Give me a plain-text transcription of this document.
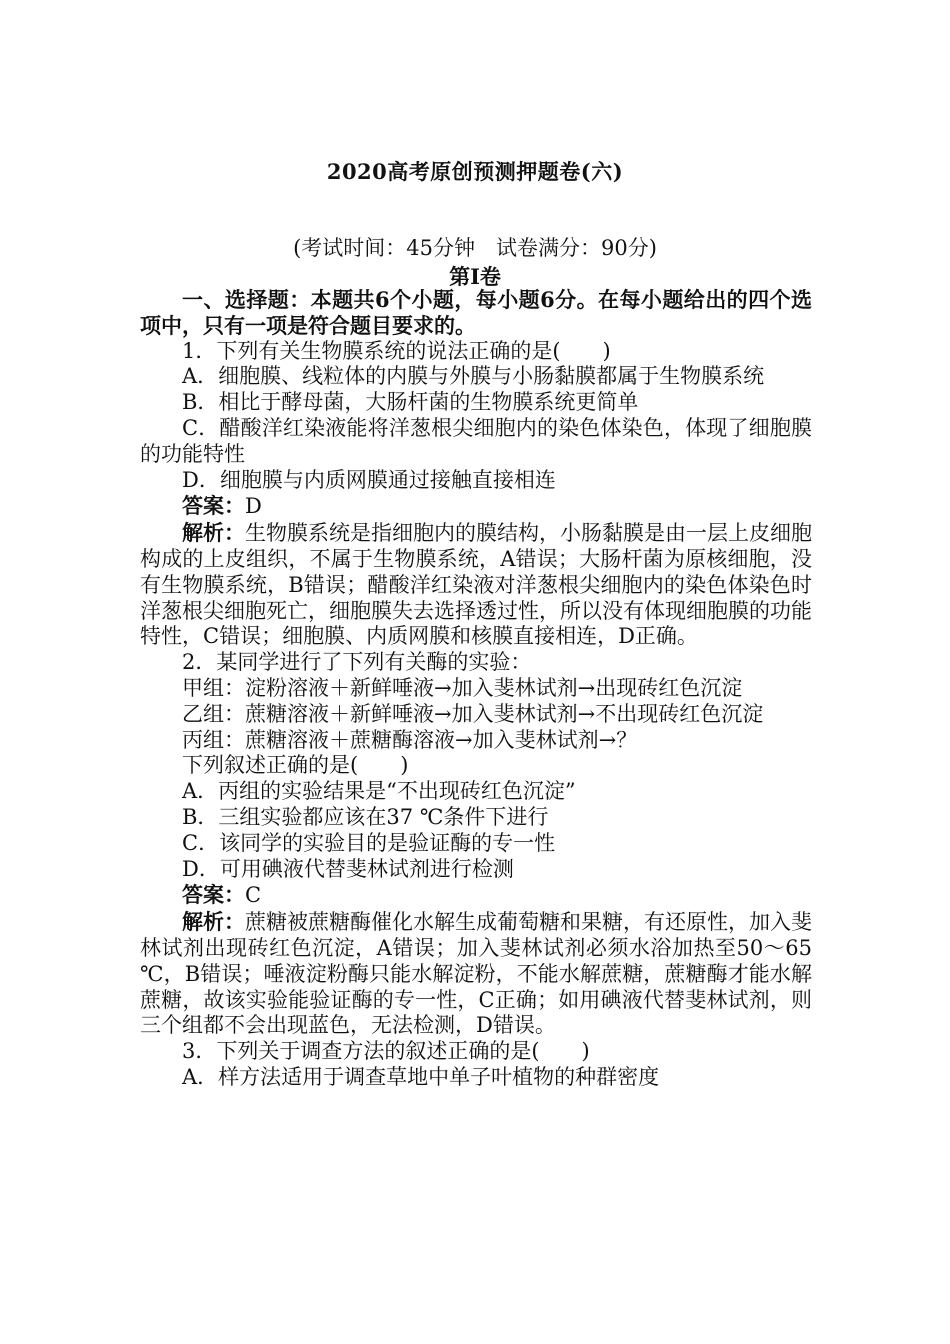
2020高考原创预测押题卷(六)
(考试时间：45分钟　试卷满分：90分)
第Ⅰ卷

一、选择题：本题共6个小题，每小题6分。在每小题给出的四个选项中，只有一项是符合题目要求的。

1．下列有关生物膜系统的说法正确的是(　　)

A．细胞膜、线粒体的内膜与外膜与小肠黏膜都属于生物膜系统

B．相比于酵母菌，大肠杆菌的生物膜系统更简单

C．醋酸洋红染液能将洋葱根尖细胞内的染色体染色，体现了细胞膜的功能特性

D．细胞膜与内质网膜通过接触直接相连

答案：D

解析：生物膜系统是指细胞内的膜结构，小肠黏膜是由一层上皮细胞构成的上皮组织，不属于生物膜系统，A错误；大肠杆菌为原核细胞，没有生物膜系统，B错误；醋酸洋红染液对洋葱根尖细胞内的染色体染色时洋葱根尖细胞死亡，细胞膜失去选择透过性，所以没有体现细胞膜的功能特性，C错误；细胞膜、内质网膜和核膜直接相连，D正确。

2．某同学进行了下列有关酶的实验：

甲组：淀粉溶液＋新鲜唾液→加入斐林试剂→出现砖红色沉淀

乙组：蔗糖溶液＋新鲜唾液→加入斐林试剂→不出现砖红色沉淀

丙组：蔗糖溶液＋蔗糖酶溶液→加入斐林试剂→？

下列叙述正确的是(　　)

A．丙组的实验结果是“不出现砖红色沉淀”

B．三组实验都应该在37 ℃条件下进行

C．该同学的实验目的是验证酶的专一性

D．可用碘液代替斐林试剂进行检测

答案：C

解析：蔗糖被蔗糖酶催化水解生成葡萄糖和果糖，有还原性，加入斐林试剂出现砖红色沉淀，A错误；加入斐林试剂必须水浴加热至50～65 ℃，B错误；唾液淀粉酶只能水解淀粉，不能水解蔗糖，蔗糖酶才能水解蔗糖，故该实验能验证酶的专一性，C正确；如用碘液代替斐林试剂，则三个组都不会出现蓝色，无法检测，D错误。

3．下列关于调查方法的叙述正确的是(　　)

A．样方法适用于调查草地中单子叶植物的种群密度
